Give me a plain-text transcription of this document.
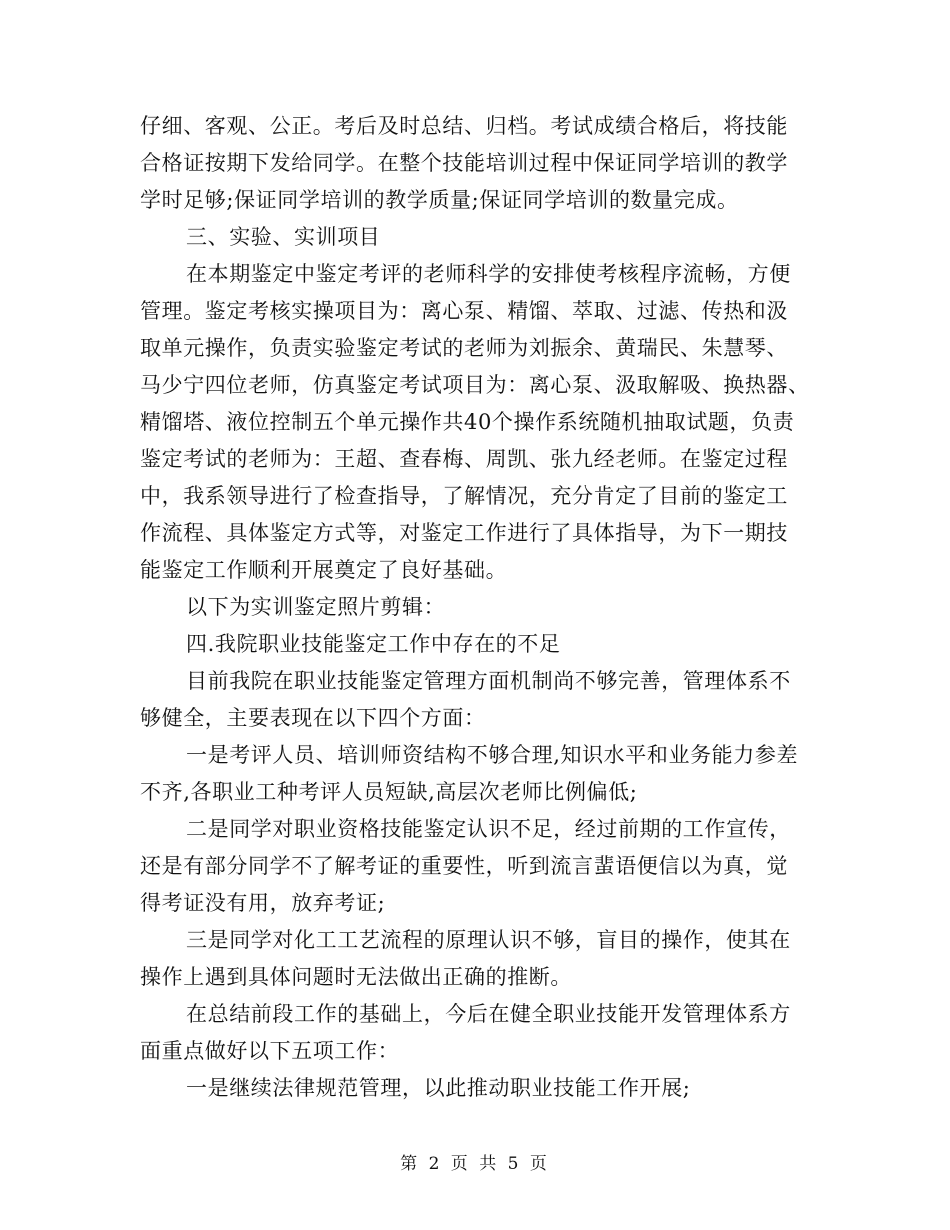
仔细、客观、公正。考后及时总结、归档。考试成绩合格后，将技能
合格证按期下发给同学。在整个技能培训过程中保证同学培训的教学
学时足够;保证同学培训的教学质量;保证同学培训的数量完成。
三、实验、实训项目
在本期鉴定中鉴定考评的老师科学的安排使考核程序流畅，方便
管理。鉴定考核实操项目为：离心泵、精馏、萃取、过滤、传热和汲
取单元操作，负责实验鉴定考试的老师为刘振余、黄瑞民、朱慧琴、
马少宁四位老师，仿真鉴定考试项目为：离心泵、汲取解吸、换热器、
精馏塔、液位控制五个单元操作共40个操作系统随机抽取试题，负责
鉴定考试的老师为：王超、查春梅、周凯、张九经老师。在鉴定过程
中，我系领导进行了检查指导，了解情况，充分肯定了目前的鉴定工
作流程、具体鉴定方式等，对鉴定工作进行了具体指导，为下一期技
能鉴定工作顺利开展奠定了良好基础。
以下为实训鉴定照片剪辑：
四.我院职业技能鉴定工作中存在的不足
目前我院在职业技能鉴定管理方面机制尚不够完善，管理体系不
够健全，主要表现在以下四个方面：
一是考评人员、培训师资结构不够合理,知识水平和业务能力参差
不齐,各职业工种考评人员短缺,高层次老师比例偏低;
二是同学对职业资格技能鉴定认识不足，经过前期的工作宣传，
还是有部分同学不了解考证的重要性，听到流言蜚语便信以为真，觉
得考证没有用，放弃考证;
三是同学对化工工艺流程的原理认识不够，盲目的操作，使其在
操作上遇到具体问题时无法做出正确的推断。
在总结前段工作的基础上，今后在健全职业技能开发管理体系方
面重点做好以下五项工作：
一是继续法律规范管理，以此推动职业技能工作开展;
第 2 页 共 5 页
